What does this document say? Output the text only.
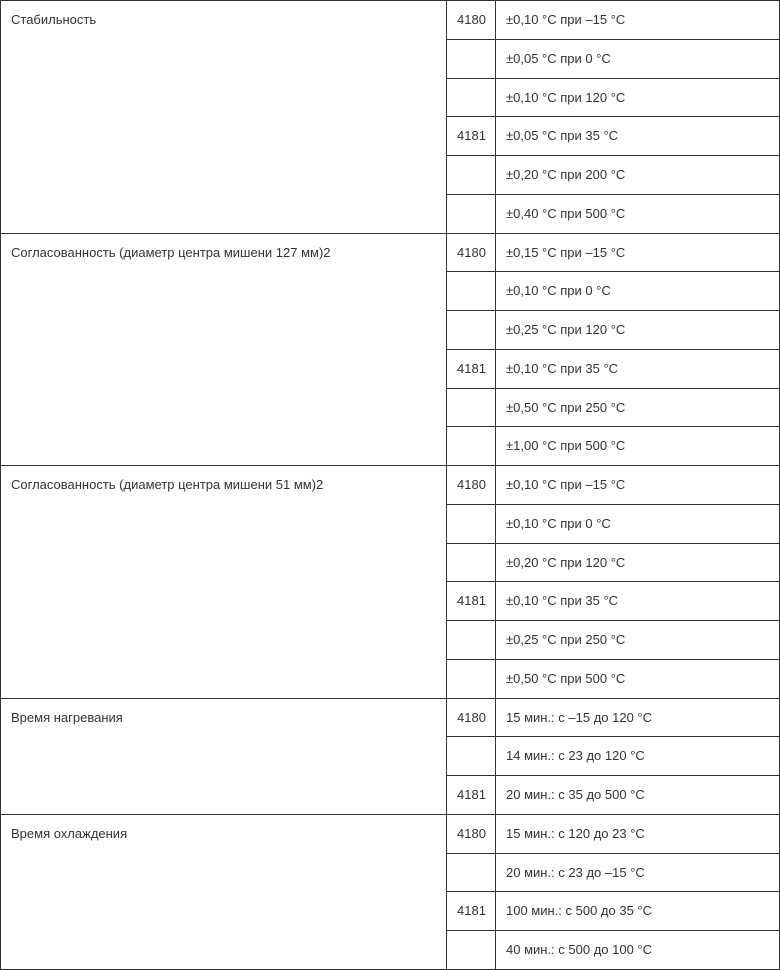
Стабильность	4180	±0,10 °C при –15 °C
		±0,05 °C при 0 °C
		±0,10 °C при 120 °C
	4181	±0,05 °C при 35 °C
		±0,20 °C при 200 °C
		±0,40 °C при 500 °C
Согласованность (диаметр центра мишени 127 мм)2	4180	±0,15 °C при –15 °C
		±0,10 °C при 0 °C
		±0,25 °C при 120 °C
	4181	±0,10 °C при 35 °C
		±0,50 °C при 250 °C
		±1,00 °C при 500 °C
Согласованность (диаметр центра мишени 51 мм)2	4180	±0,10 °C при –15 °C
		±0,10 °C при 0 °C
		±0,20 °C при 120 °C
	4181	±0,10 °C при 35 °C
		±0,25 °C при 250 °C
		±0,50 °C при 500 °C
Время нагревания	4180	15 мин.: с –15 до 120 °C
		14 мин.: с 23 до 120 °C
	4181	20 мин.: с 35 до 500 °C
Время охлаждения	4180	15 мин.: с 120 до 23 °C
		20 мин.: с 23 до –15 °C
	4181	100 мин.: с 500 до 35 °C
		40 мин.: с 500 до 100 °C
